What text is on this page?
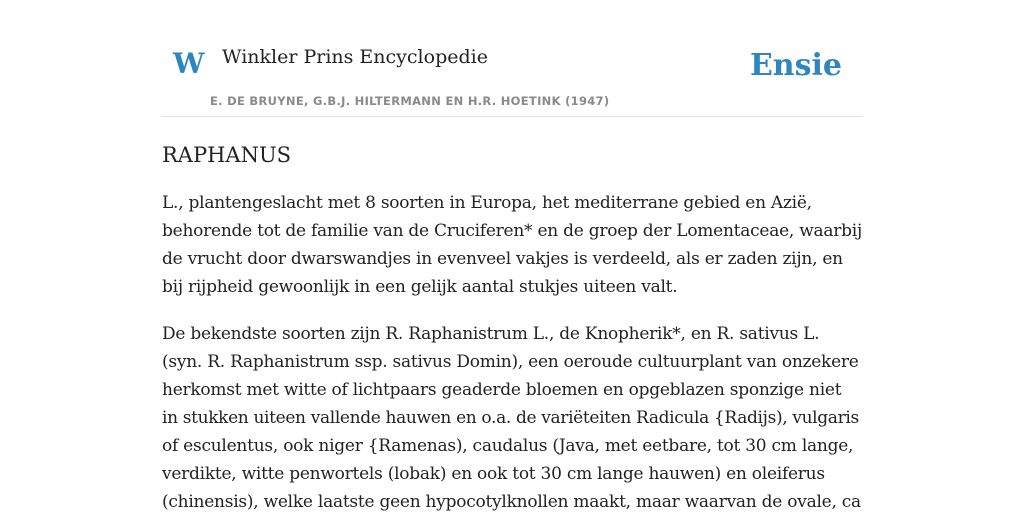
W Winkler Prins Encyclopedie
E. DE BRUYNE, G.B.J. HILTERMANN EN H.R. HOETINK (1947)
Ensie
RAPHANUS

L., plantengeslacht met 8 soorten in Europa, het mediterrane gebied en Azië,
behorende tot de familie van de Cruciferen* en de groep der Lomentaceae, waarbij
de vrucht door dwarswandjes in evenveel vakjes is verdeeld, als er zaden zijn, en
bij rijpheid gewoonlijk in een gelijk aantal stukjes uiteen valt.

De bekendste soorten zijn R. Raphanistrum L., de Knopherik*, en R. sativus L.
(syn. R. Raphanistrum ssp. sativus Domin), een oeroude cultuurplant van onzekere
herkomst met witte of lichtpaars geaderde bloemen en opgeblazen sponzige niet
in stukken uiteen vallende hauwen en o.a. de variëteiten Radicula {Radijs), vulgaris
of esculentus, ook niger {Ramenas), caudalus (Java, met eetbare, tot 30 cm lange,
verdikte, witte penwortels (lobak) en ook tot 30 cm lange hauwen) en oleiferus
(chinensis), welke laatste geen hypocotylknollen maakt, maar waarvan de ovale, ca
